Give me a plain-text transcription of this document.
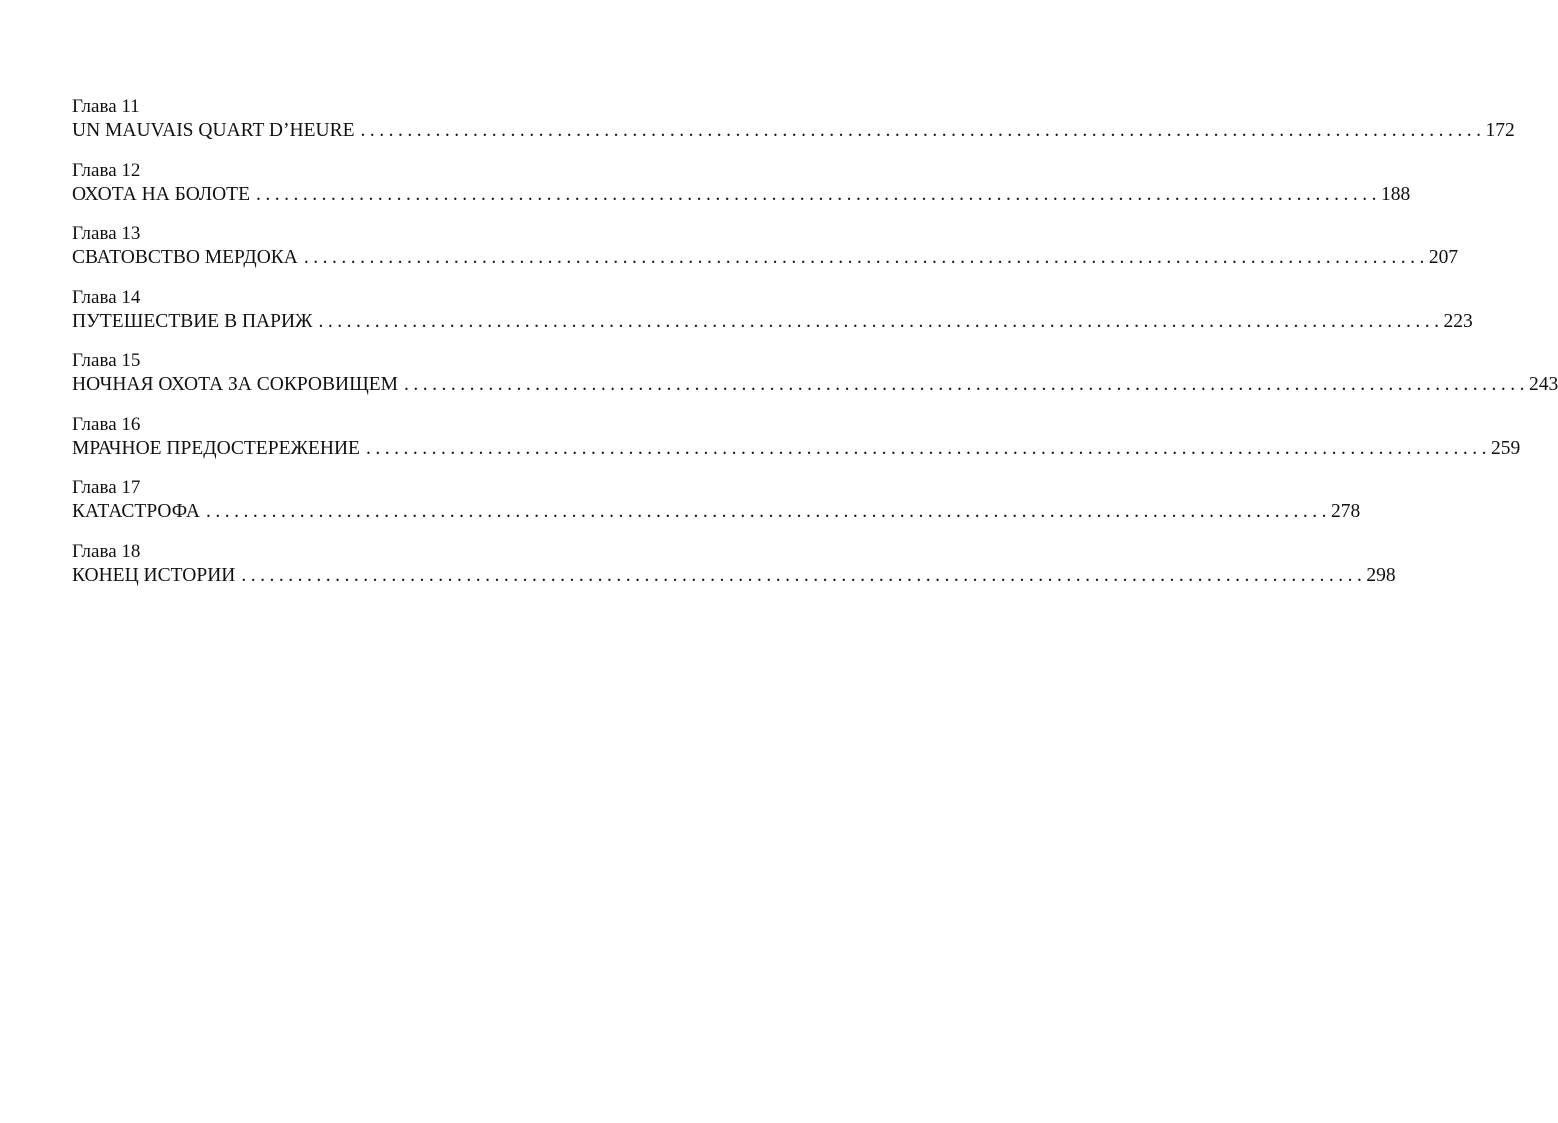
Глава 11
UN MAUVAIS QUART D’HEURE ........................................................................................................................ 172
Глава 12
ОХОТА НА БОЛОТЕ ........................................................................................................................ 188
Глава 13
СВАТОВСТВО МЕРДОКА ........................................................................................................................ 207
Глава 14
ПУТЕШЕСТВИЕ В ПАРИЖ ........................................................................................................................ 223
Глава 15
НОЧНАЯ ОХОТА ЗА СОКРОВИЩЕМ ........................................................................................................................ 243
Глава 16
МРАЧНОЕ ПРЕДОСТЕРЕЖЕНИЕ ........................................................................................................................ 259
Глава 17
КАТАСТРОФА ........................................................................................................................ 278
Глава 18
КОНЕЦ ИСТОРИИ ........................................................................................................................ 298
